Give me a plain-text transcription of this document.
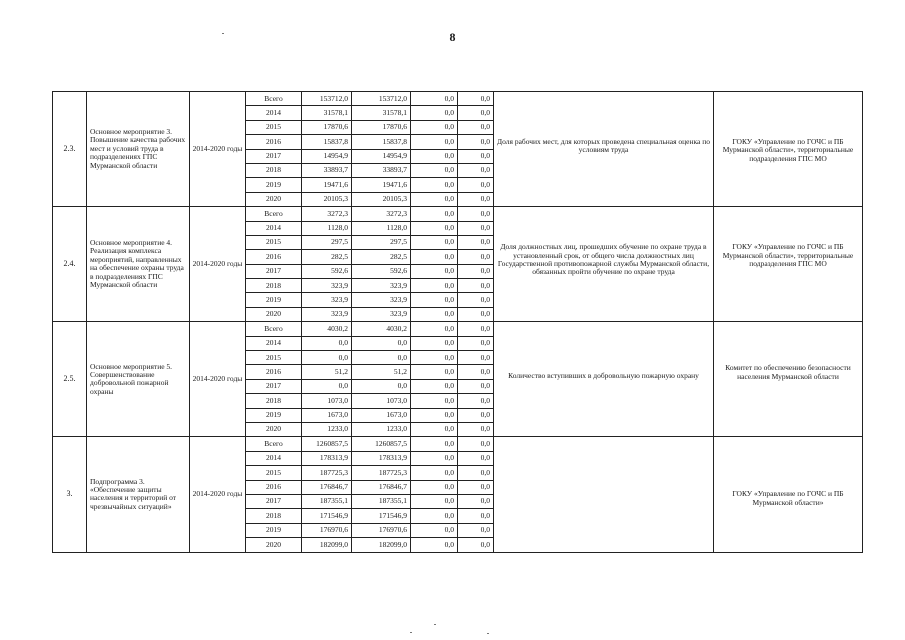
8
2.3.	Основное мероприятие 3. Повышение качества рабочих мест и условий труда в подразделениях ГПС Мурманской области	2014-2020 годы	Всего	153712,0	153712,0	0,0	0,0	Доля рабочих мест, для которых проведена специальная оценка по условиям труда	ГОКУ «Управление по ГОЧС и ПБ Мурманской области», территориальные подразделения ГПС МО
			2014	31578,1	31578,1	0,0	0,0		
			2015	17870,6	17870,6	0,0	0,0		
			2016	15837,8	15837,8	0,0	0,0		
			2017	14954,9	14954,9	0,0	0,0		
			2018	33893,7	33893,7	0,0	0,0		
			2019	19471,6	19471,6	0,0	0,0		
			2020	20105,3	20105,3	0,0	0,0		
2.4.	Основное мероприятие 4. Реализация комплекса мероприятий, направленных на обеспечение охраны труда в подразделениях ГПС Мурманской области	2014-2020 годы	Всего	3272,3	3272,3	0,0	0,0	Доля должностных лиц, прошедших обучение по охране труда в установленный срок, от общего числа должностных лиц Государственной противопожарной службы Мурманской области, обязанных пройти обучение по охране труда	ГОКУ «Управление по ГОЧС и ПБ Мурманской области», территориальные подразделения ГПС МО
			2014	1128,0	1128,0	0,0	0,0		
			2015	297,5	297,5	0,0	0,0		
			2016	282,5	282,5	0,0	0,0		
			2017	592,6	592,6	0,0	0,0		
			2018	323,9	323,9	0,0	0,0		
			2019	323,9	323,9	0,0	0,0		
			2020	323,9	323,9	0,0	0,0		
2.5.	Основное мероприятие 5. Совершенствование добровольной пожарной охраны	2014-2020 годы	Всего	4030,2	4030,2	0,0	0,0	Количество вступивших в добровольную пожарную охрану	Комитет по обеспечению безопасности населения Мурманской области
			2014	0,0	0,0	0,0	0,0		
			2015	0,0	0,0	0,0	0,0		
			2016	51,2	51,2	0,0	0,0		
			2017	0,0	0,0	0,0	0,0		
			2018	1073,0	1073,0	0,0	0,0		
			2019	1673,0	1673,0	0,0	0,0		
			2020	1233,0	1233,0	0,0	0,0		
3.	Подпрограмма 3. «Обеспечение защиты населения и территорий от чрезвычайных ситуаций»	2014-2020 годы	Всего	1260857,5	1260857,5	0,0	0,0		ГОКУ «Управление по ГОЧС и ПБ Мурманской области»
			2014	178313,9	178313,9	0,0	0,0		
			2015	187725,3	187725,3	0,0	0,0		
			2016	176846,7	176846,7	0,0	0,0		
			2017	187355,1	187355,1	0,0	0,0		
			2018	171546,9	171546,9	0,0	0,0		
			2019	176970,6	176970,6	0,0	0,0		
			2020	182099,0	182099,0	0,0	0,0		
